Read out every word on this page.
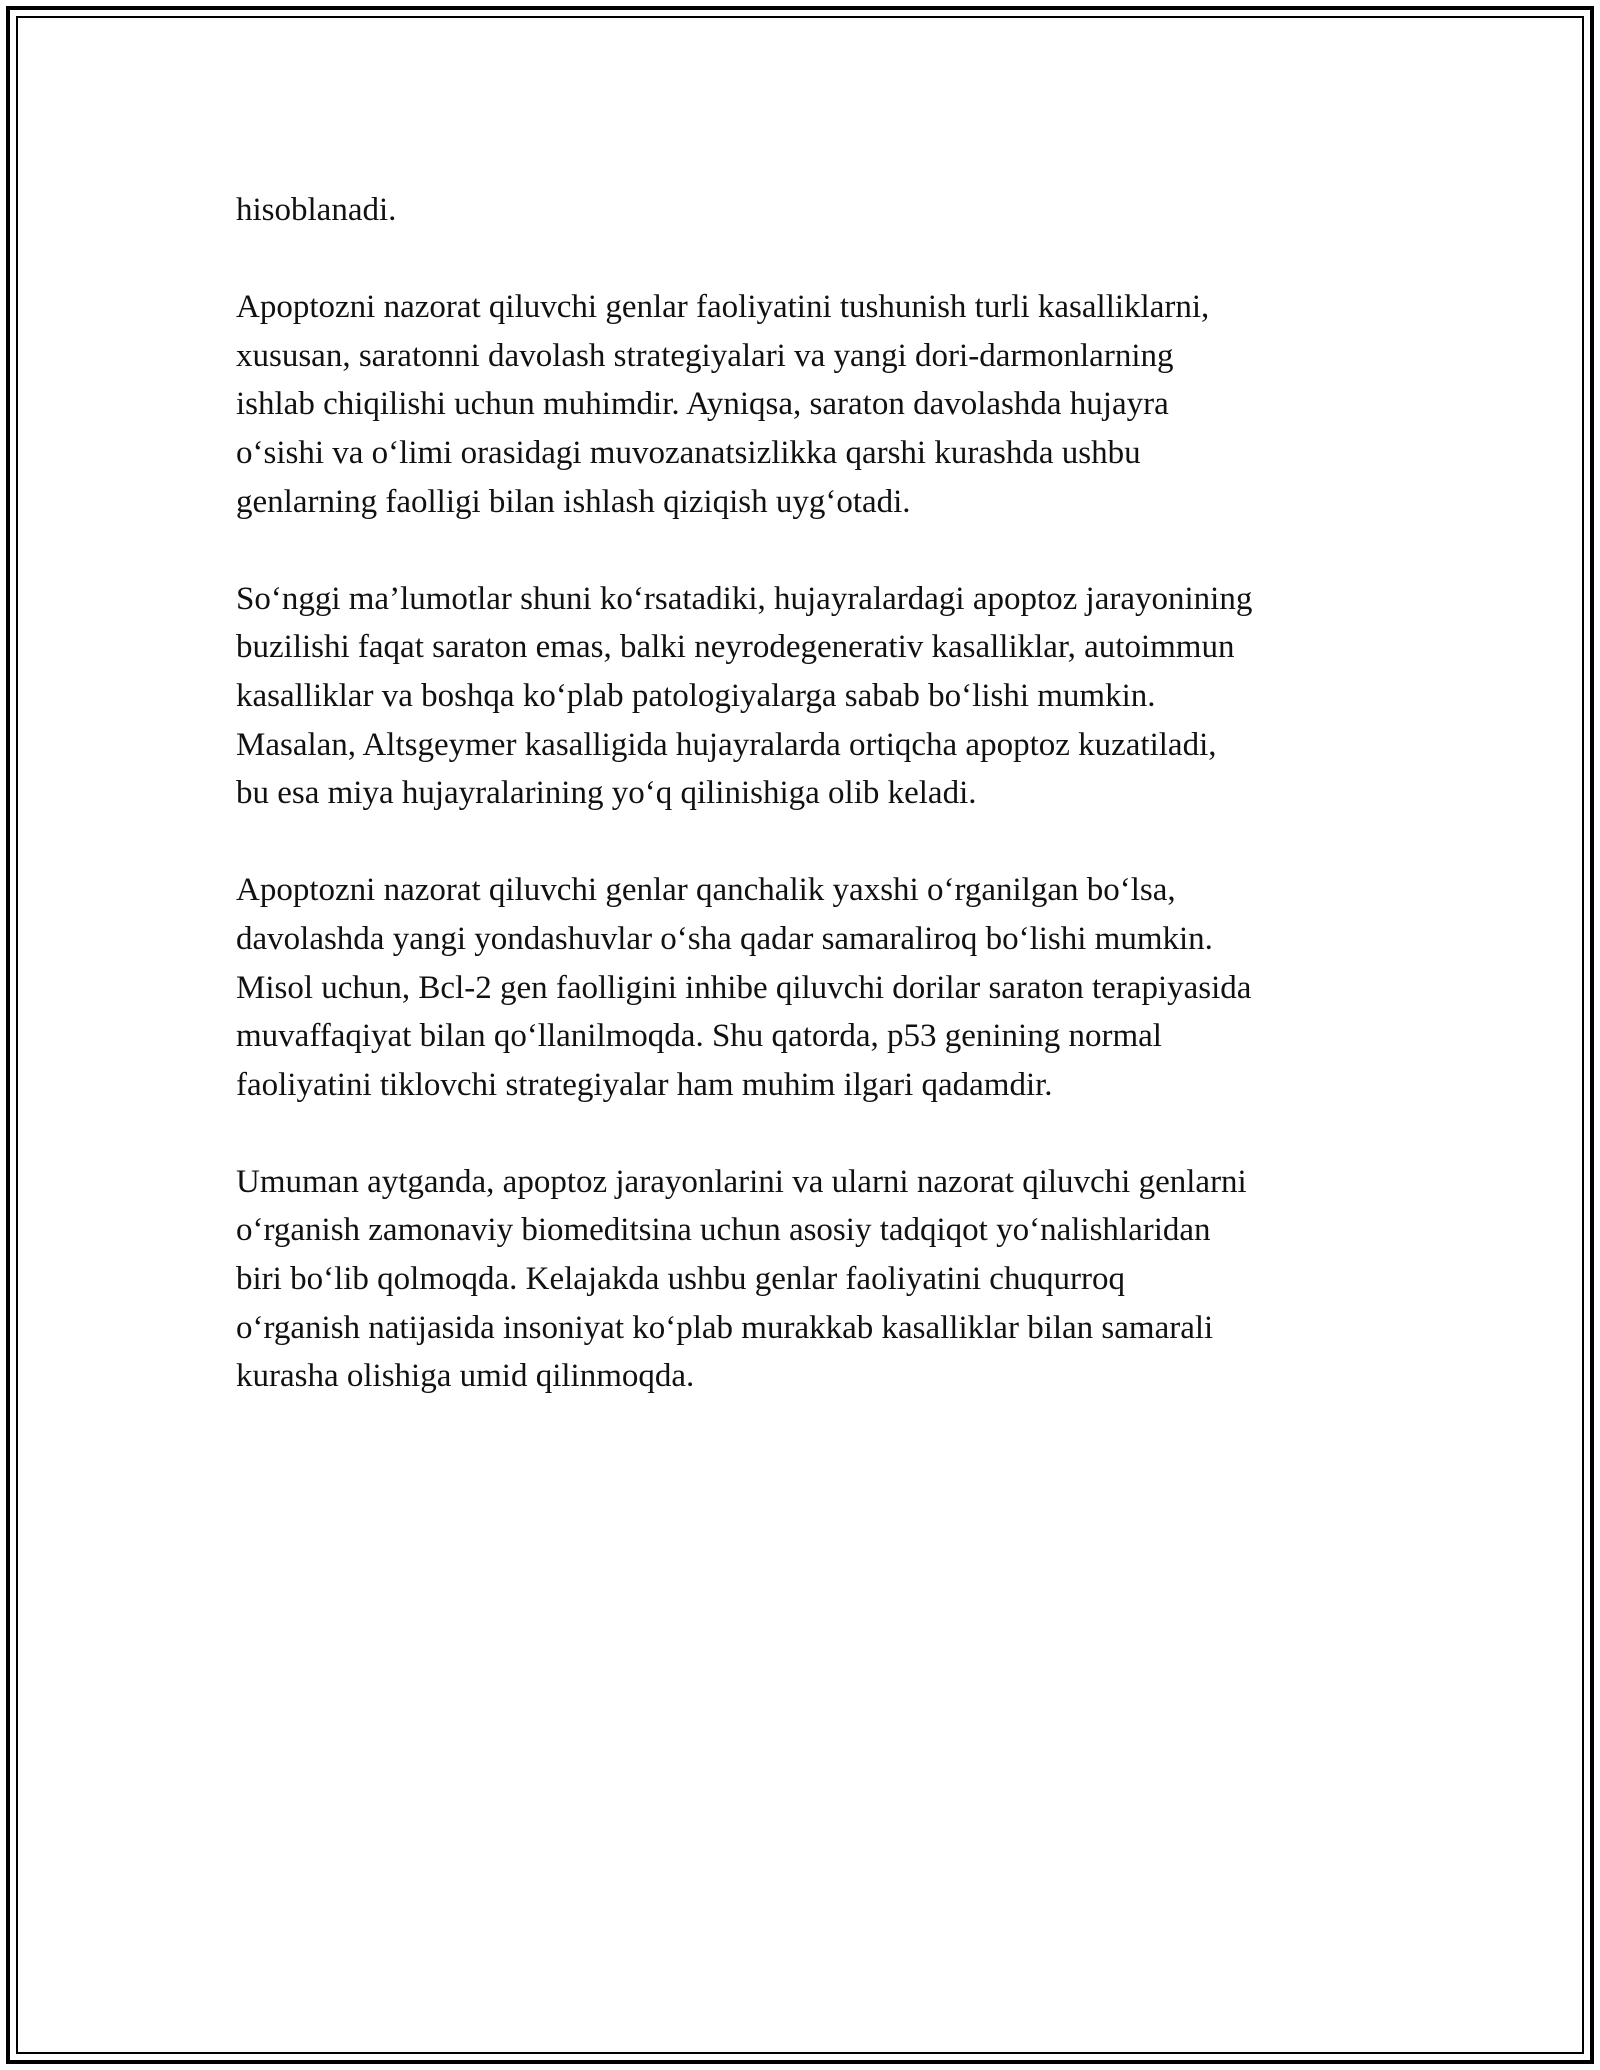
hisoblanadi.
Apoptozni nazorat qiluvchi genlar faoliyatini tushunish turli kasalliklarni,
xususan, saratonni davolash strategiyalari va yangi dori-darmonlarning
ishlab chiqilishi uchun muhimdir. Ayniqsa, saraton davolashda hujayra
o‘sishi va o‘limi orasidagi muvozanatsizlikka qarshi kurashda ushbu
genlarning faolligi bilan ishlash qiziqish uyg‘otadi.
So‘nggi ma’lumotlar shuni ko‘rsatadiki, hujayralardagi apoptoz jarayonining
buzilishi faqat saraton emas, balki neyrodegenerativ kasalliklar, autoimmun
kasalliklar va boshqa ko‘plab patologiyalarga sabab bo‘lishi mumkin.
Masalan, Altsgeymer kasalligida hujayralarda ortiqcha apoptoz kuzatiladi,
bu esa miya hujayralarining yo‘q qilinishiga olib keladi.
Apoptozni nazorat qiluvchi genlar qanchalik yaxshi o‘rganilgan bo‘lsa,
davolashda yangi yondashuvlar o‘sha qadar samaraliroq bo‘lishi mumkin.
Misol uchun, Bcl-2 gen faolligini inhibe qiluvchi dorilar saraton terapiyasida
muvaffaqiyat bilan qo‘llanilmoqda. Shu qatorda, p53 genining normal
faoliyatini tiklovchi strategiyalar ham muhim ilgari qadamdir.
Umuman aytganda, apoptoz jarayonlarini va ularni nazorat qiluvchi genlarni
o‘rganish zamonaviy biomeditsina uchun asosiy tadqiqot yo‘nalishlaridan
biri bo‘lib qolmoqda. Kelajakda ushbu genlar faoliyatini chuqurroq
o‘rganish natijasida insoniyat ko‘plab murakkab kasalliklar bilan samarali
kurasha olishiga umid qilinmoqda.
